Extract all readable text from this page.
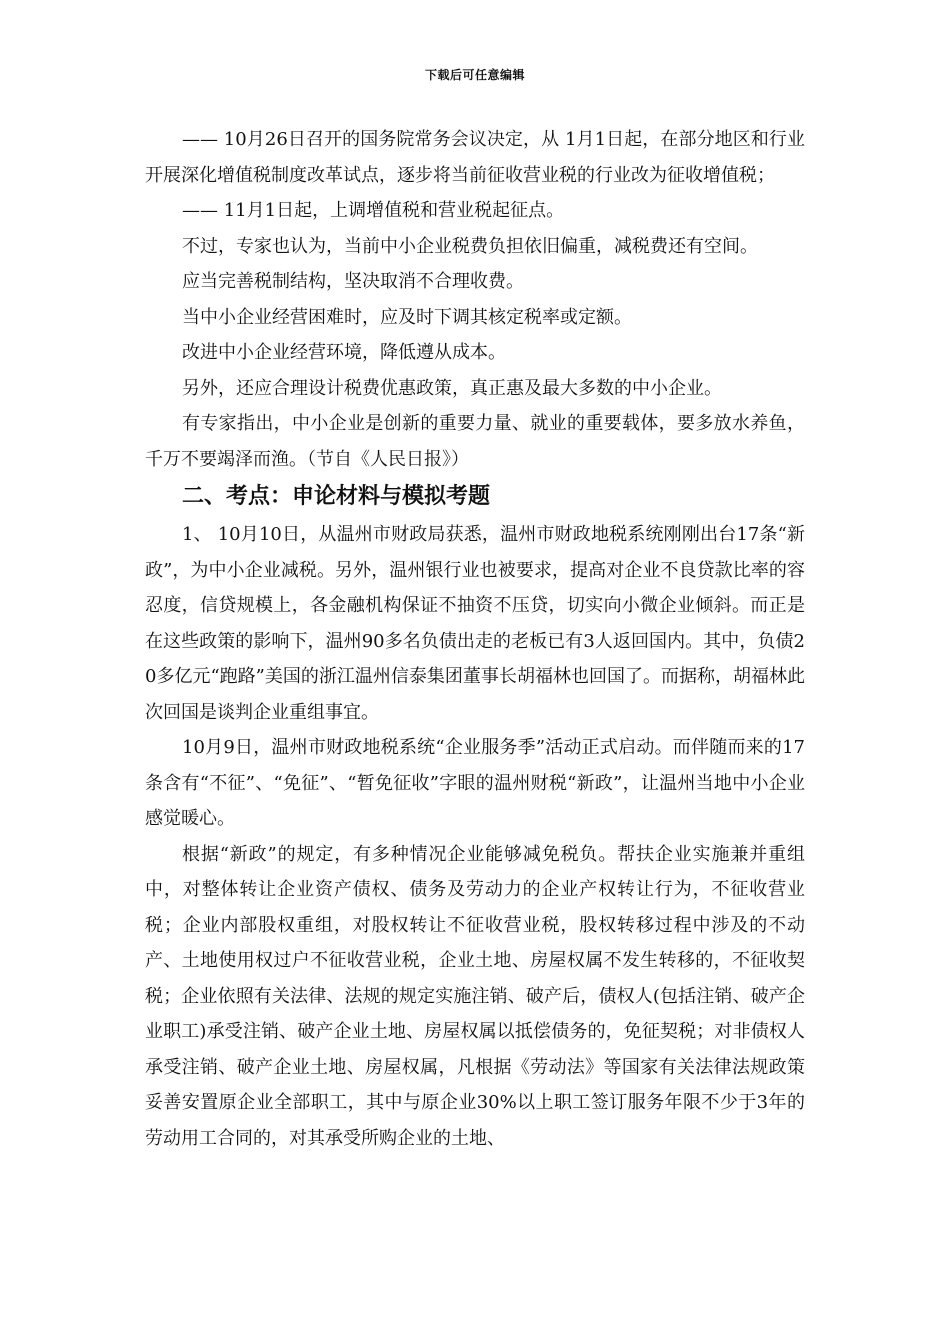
下载后可任意编辑

—— 10月26日召开的国务院常务会议决定，从 1月1日起，在部分地区和行业开展深化增值税制度改革试点，逐步将当前征收营业税的行业改为征收增值税；

—— 11月1日起，上调增值税和营业税起征点。

不过，专家也认为，当前中小企业税费负担依旧偏重，减税费还有空间。

应当完善税制结构，坚决取消不合理收费。

当中小企业经营困难时，应及时下调其核定税率或定额。

改进中小企业经营环境，降低遵从成本。

另外，还应合理设计税费优惠政策，真正惠及最大多数的中小企业。

有专家指出，中小企业是创新的重要力量、就业的重要载体，要多放水养鱼，千万不要竭泽而渔。（节自《人民日报》）

二、考点：申论材料与模拟考题

1、 10月10日，从温州市财政局获悉，温州市财政地税系统刚刚出台17条“新政”，为中小企业减税。另外，温州银行业也被要求，提高对企业不良贷款比率的容忍度，信贷规模上，各金融机构保证不抽资不压贷，切实向小微企业倾斜。而正是在这些政策的影响下，温州90多名负债出走的老板已有3人返回国内。其中，负债20多亿元“跑路”美国的浙江温州信泰集团董事长胡福林也回国了。而据称，胡福林此次回国是谈判企业重组事宜。

10月9日，温州市财政地税系统“企业服务季”活动正式启动。而伴随而来的17条含有“不征”、“免征”、“暂免征收”字眼的温州财税“新政”，让温州当地中小企业感觉暖心。

根据“新政”的规定，有多种情况企业能够减免税负。帮扶企业实施兼并重组中，对整体转让企业资产债权、债务及劳动力的企业产权转让行为，不征收营业税；企业内部股权重组，对股权转让不征收营业税，股权转移过程中涉及的不动产、土地使用权过户不征收营业税，企业土地、房屋权属不发生转移的，不征收契税；企业依照有关法律、法规的规定实施注销、破产后，债权人(包括注销、破产企业职工)承受注销、破产企业土地、房屋权属以抵偿债务的，免征契税；对非债权人承受注销、破产企业土地、房屋权属，凡根据《劳动法》等国家有关法律法规政策妥善安置原企业全部职工，其中与原企业30%以上职工签订服务年限不少于3年的劳动用工合同的，对其承受所购企业的土地、
